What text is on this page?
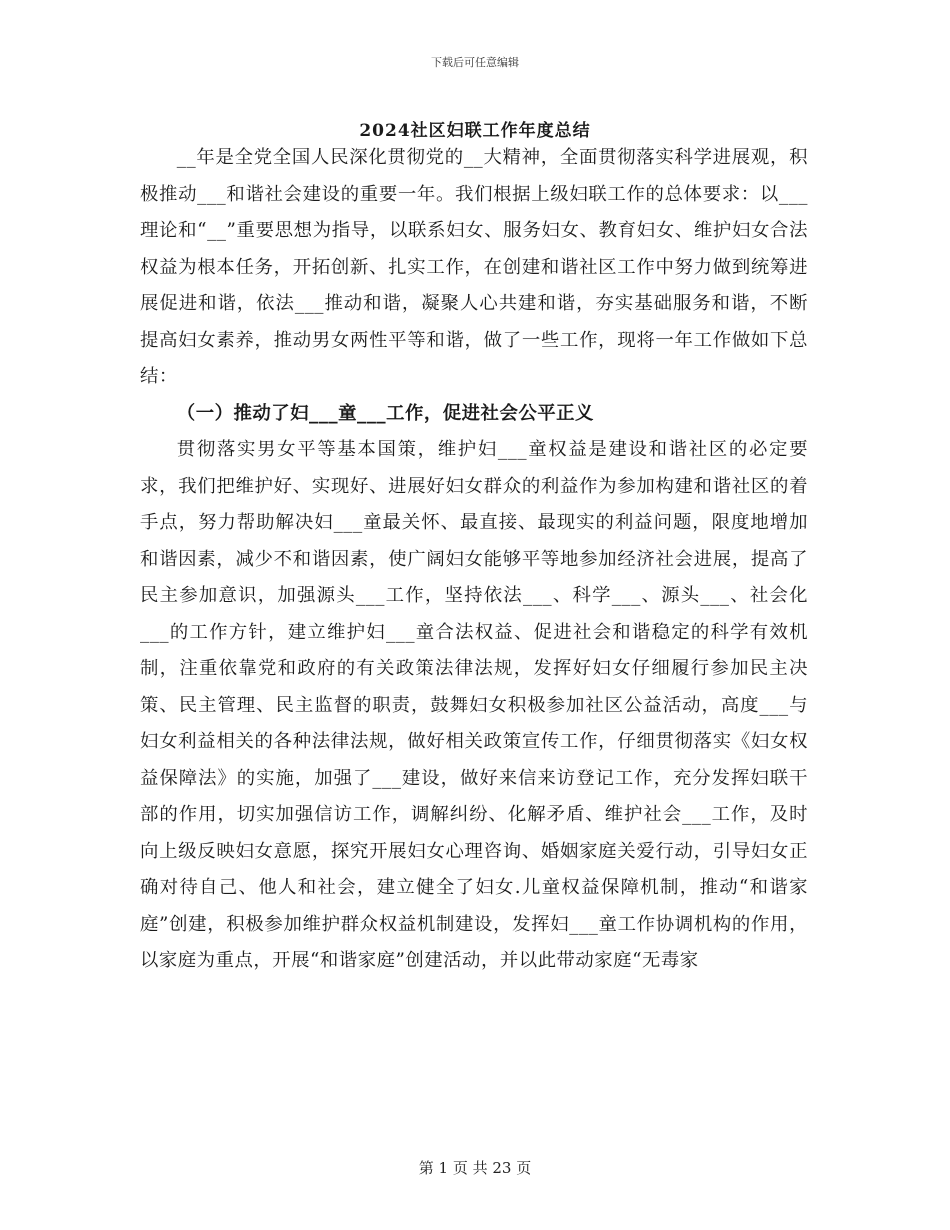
下载后可任意编辑
2024社区妇联工作年度总结

__年是全党全国人民深化贯彻党的__大精神，全面贯彻落实科学进展观，积极推动___和谐社会建设的重要一年。我们根据上级妇联工作的总体要求：以___理论和“__”重要思想为指导，以联系妇女、服务妇女、教育妇女、维护妇女合法权益为根本任务，开拓创新、扎实工作，在创建和谐社区工作中努力做到统筹进展促进和谐，依法___推动和谐，凝聚人心共建和谐，夯实基础服务和谐，不断提高妇女素养，推动男女两性平等和谐，做了一些工作，现将一年工作做如下总结：

（一）推动了妇___童___工作，促进社会公平正义

贯彻落实男女平等基本国策，维护妇___童权益是建设和谐社区的必定要求，我们把维护好、实现好、进展好妇女群众的利益作为参加构建和谐社区的着手点，努力帮助解决妇___童最关怀、最直接、最现实的利益问题，限度地增加和谐因素，减少不和谐因素，使广阔妇女能够平等地参加经济社会进展，提高了民主参加意识，加强源头___工作，坚持依法___、科学___、源头___、社会化___的工作方针，建立维护妇___童合法权益、促进社会和谐稳定的科学有效机制，注重依靠党和政府的有关政策法律法规，发挥好妇女仔细履行参加民主决策、民主管理、民主监督的职责，鼓舞妇女积极参加社区公益活动，高度___与妇女利益相关的各种法律法规，做好相关政策宣传工作，仔细贯彻落实《妇女权益保障法》的实施，加强了___建设，做好来信来访登记工作，充分发挥妇联干部的作用，切实加强信访工作，调解纠纷、化解矛盾、维护社会___工作，及时向上级反映妇女意愿，探究开展妇女心理咨询、婚姻家庭关爱行动，引导妇女正确对待自己、他人和社会，建立健全了妇女.儿童权益保障机制，推动“和谐家庭”创建，积极参加维护群众权益机制建设，发挥妇___童工作协调机构的作用，以家庭为重点，开展“和谐家庭”创建活动，并以此带动家庭“无毒家

第 1 页 共 23 页
